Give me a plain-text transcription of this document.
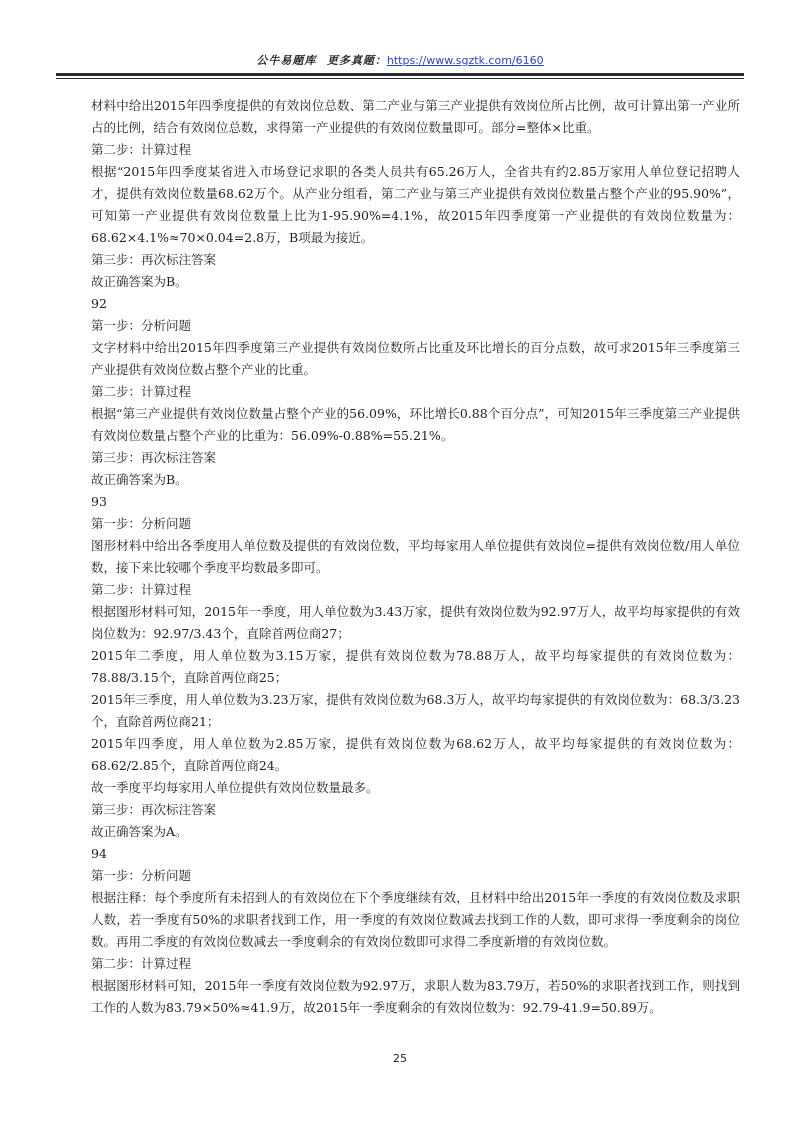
公牛易题库 更多真题：https://www.sgztk.com/6160

材料中给出2015年四季度提供的有效岗位总数、第二产业与第三产业提供有效岗位所占比例，故可计算出第一产业所占的比例，结合有效岗位总数，求得第一产业提供的有效岗位数量即可。部分=整体×比重。

第二步：计算过程

根据“2015年四季度某省进入市场登记求职的各类人员共有65.26万人，全省共有约2.85万家用人单位登记招聘人才，提供有效岗位数量68.62万个。从产业分组看，第二产业与第三产业提供有效岗位数量占整个产业的95.90%”，可知第一产业提供有效岗位数量上比为1-95.90%=4.1%，故2015年四季度第一产业提供的有效岗位数量为：68.62×4.1%≈70×0.04=2.8万，B项最为接近。

第三步：再次标注答案

故正确答案为B。

92

第一步：分析问题

文字材料中给出2015年四季度第三产业提供有效岗位数所占比重及环比增长的百分点数，故可求2015年三季度第三产业提供有效岗位数占整个产业的比重。

第二步：计算过程

根据“第三产业提供有效岗位数量占整个产业的56.09%，环比增长0.88个百分点”，可知2015年三季度第三产业提供有效岗位数量占整个产业的比重为：56.09%-0.88%=55.21%。

第三步：再次标注答案

故正确答案为B。

93

第一步：分析问题

图形材料中给出各季度用人单位数及提供的有效岗位数，平均每家用人单位提供有效岗位=提供有效岗位数/用人单位数，接下来比较哪个季度平均数最多即可。

第二步：计算过程

根据图形材料可知，2015年一季度，用人单位数为3.43万家，提供有效岗位数为92.97万人，故平均每家提供的有效岗位数为：92.97/3.43个，直除首两位商27；

2015年二季度，用人单位数为3.15万家，提供有效岗位数为78.88万人，故平均每家提供的有效岗位数为：78.88/3.15个，直除首两位商25；

2015年三季度，用人单位数为3.23万家，提供有效岗位数为68.3万人，故平均每家提供的有效岗位数为：68.3/3.23个，直除首两位商21；

2015年四季度，用人单位数为2.85万家，提供有效岗位数为68.62万人，故平均每家提供的有效岗位数为：68.62/2.85个，直除首两位商24。

故一季度平均每家用人单位提供有效岗位数量最多。

第三步：再次标注答案

故正确答案为A。

94

第一步：分析问题

根据注释：每个季度所有未招到人的有效岗位在下个季度继续有效，且材料中给出2015年一季度的有效岗位数及求职人数，若一季度有50%的求职者找到工作，用一季度的有效岗位数减去找到工作的人数，即可求得一季度剩余的岗位数。再用二季度的有效岗位数减去一季度剩余的有效岗位数即可求得二季度新增的有效岗位数。

第二步：计算过程

根据图形材料可知，2015年一季度有效岗位数为92.97万，求职人数为83.79万，若50%的求职者找到工作，则找到工作的人数为83.79×50%≈41.9万，故2015年一季度剩余的有效岗位数为：92.79-41.9=50.89万。

25
